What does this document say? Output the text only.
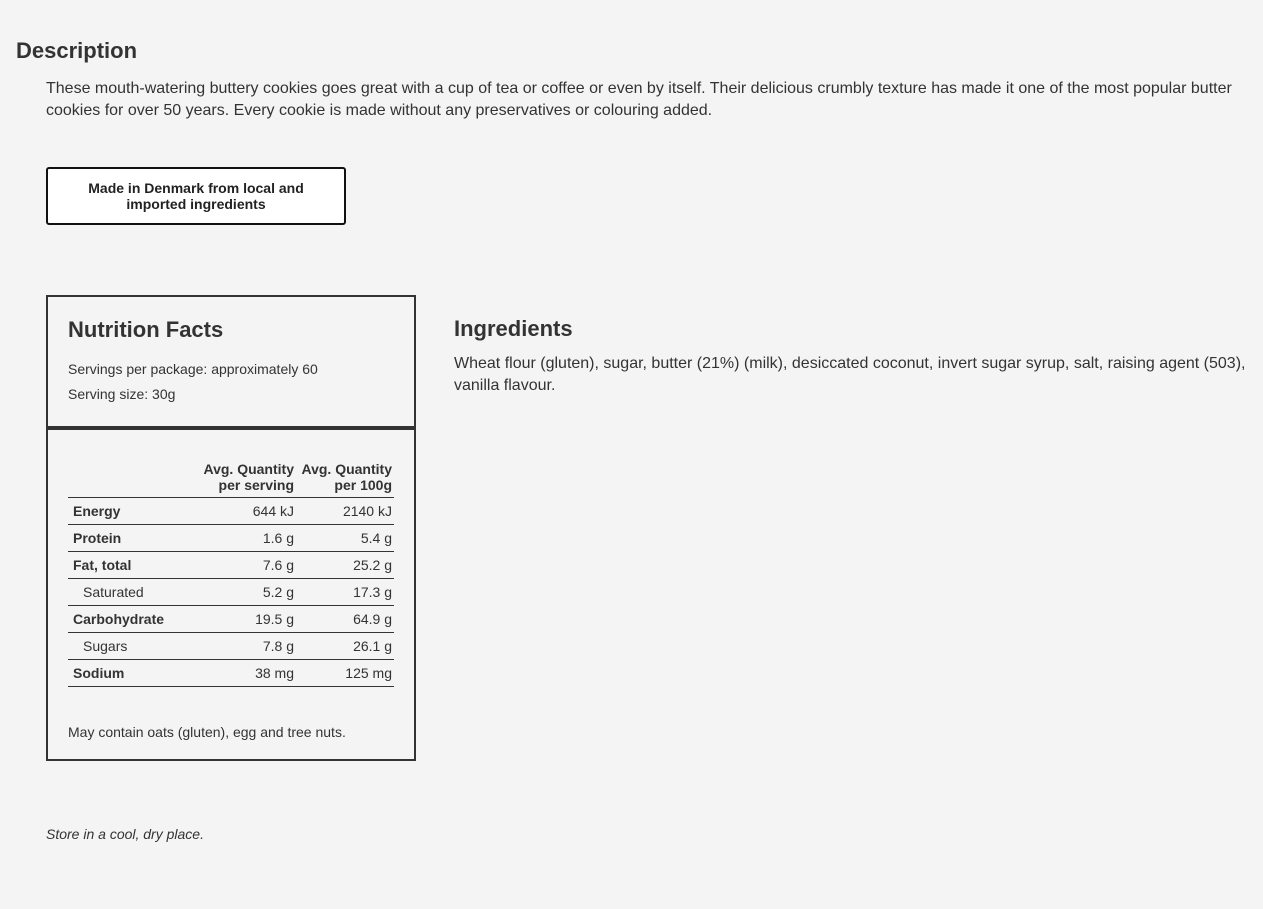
Description

These mouth-watering buttery cookies goes great with a cup of tea or coffee or even by itself. Their delicious crumbly texture has made it one of the most popular butter cookies for over 50 years. Every cookie is made without any preservatives or colouring added.

Made in Denmark from local and imported ingredients
Nutrition Facts
Servings per package: approximately 60
Serving size: 30g
	Avg. Quantity per serving	Avg. Quantity per 100g
Energy	644 kJ	2140 kJ
Protein	1.6 g	5.4 g
Fat, total	7.6 g	25.2 g
Saturated	5.2 g	17.3 g
Carbohydrate	19.5 g	64.9 g
Sugars	7.8 g	26.1 g
Sodium	38 mg	125 mg
May contain oats (gluten), egg and tree nuts.
Ingredients

Wheat flour (gluten), sugar, butter (21%) (milk), desiccated coconut, invert sugar syrup, salt, raising agent (503), vanilla flavour.

Store in a cool, dry place.
